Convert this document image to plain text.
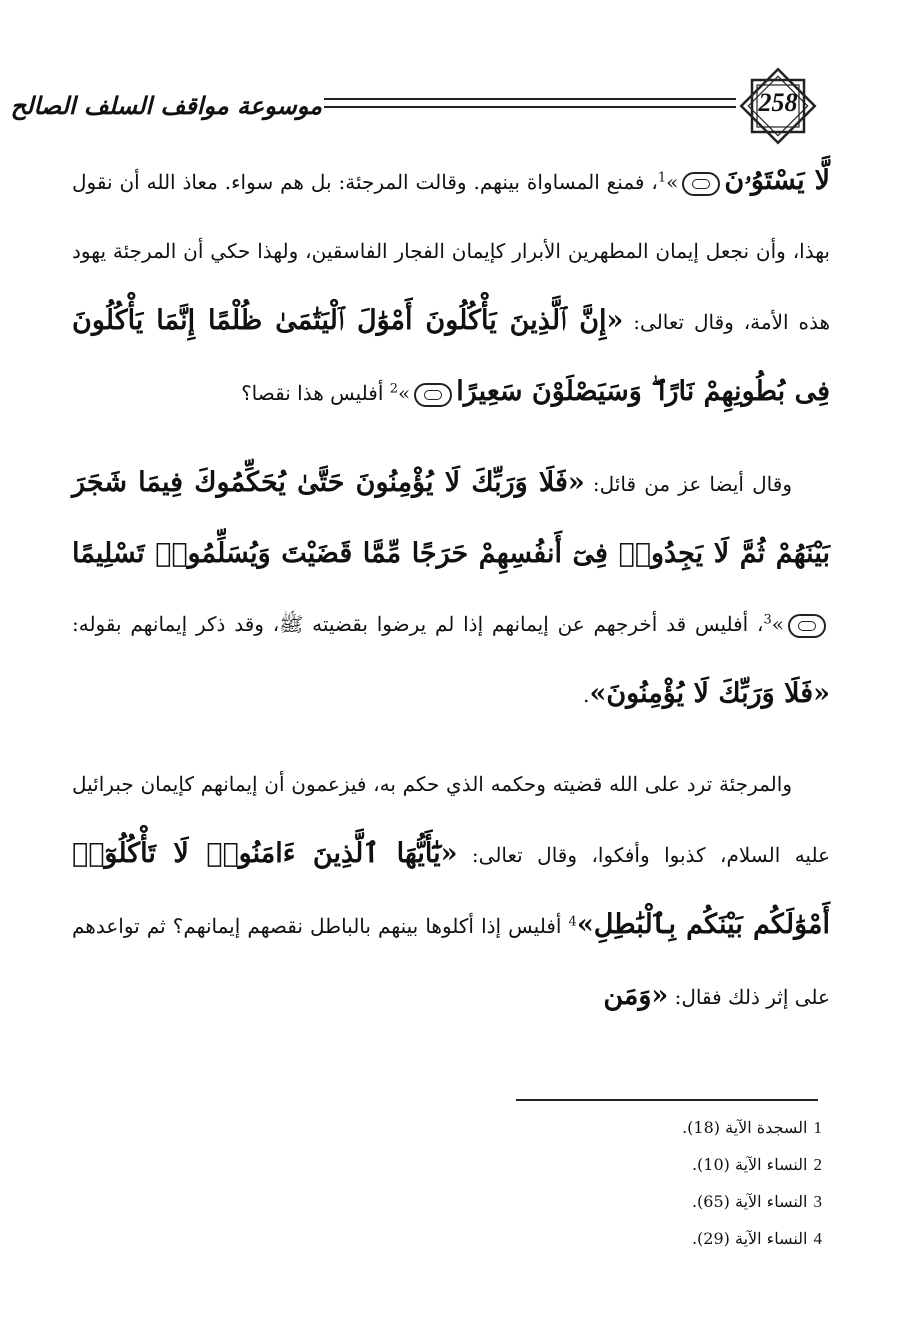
موسوعة مواقف السلف الصالح	258

لَّا يَسْتَوُۥنَ»$^1$، فمنع المساواة بينهم. وقالت المرجئة: بل هم سواء. معاذ الله أن نقول بهذا، وأن نجعل إيمان المطهرين الأبرار كإيمان الفجار الفاسقين، ولهذا حكي أن المرجئة يهود هذه الأمة، وقال تعالى: «إِنَّ ٱلَّذِينَ يَأْكُلُونَ أَمْوَٰلَ ٱلْيَتَٰمَىٰ ظُلْمًا إِنَّمَا يَأْكُلُونَ فِى بُطُونِهِمْ نَارًا ۖ وَسَيَصْلَوْنَ سَعِيرًا»$^2$ أفليس هذا نقصا؟

وقال أيضا عز من قائل: «فَلَا وَرَبِّكَ لَا يُؤْمِنُونَ حَتَّىٰ يُحَكِّمُوكَ فِيمَا شَجَرَ بَيْنَهُمْ ثُمَّ لَا يَجِدُوا۟ فِىٓ أَنفُسِهِمْ حَرَجًا مِّمَّا قَضَيْتَ وَيُسَلِّمُوا۟ تَسْلِيمًا»$^3$، أفليس قد أخرجهم عن إيمانهم إذا لم يرضوا بقضيته ﷺ، وقد ذكر إيمانهم بقوله: «فَلَا وَرَبِّكَ لَا يُؤْمِنُونَ».

والمرجئة ترد على الله قضيته وحكمه الذي حكم به، فيزعمون أن إيمانهم كإيمان جبرائيل عليه السلام، كذبوا وأفكوا، وقال تعالى: «يَٰٓأَيُّهَا ٱلَّذِينَ ءَامَنُوا۟ لَا تَأْكُلُوٓا۟ أَمْوَٰلَكُم بَيْنَكُم بِٱلْبَٰطِلِ»$^4$ أفليس إذا أكلوها بينهم بالباطل نقصهم إيمانهم؟ ثم تواعدهم على إثر ذلك فقال: «وَمَن

1السجدة الآية (18).
2النساء الآية (10).
3النساء الآية (65).
4النساء الآية (29).
